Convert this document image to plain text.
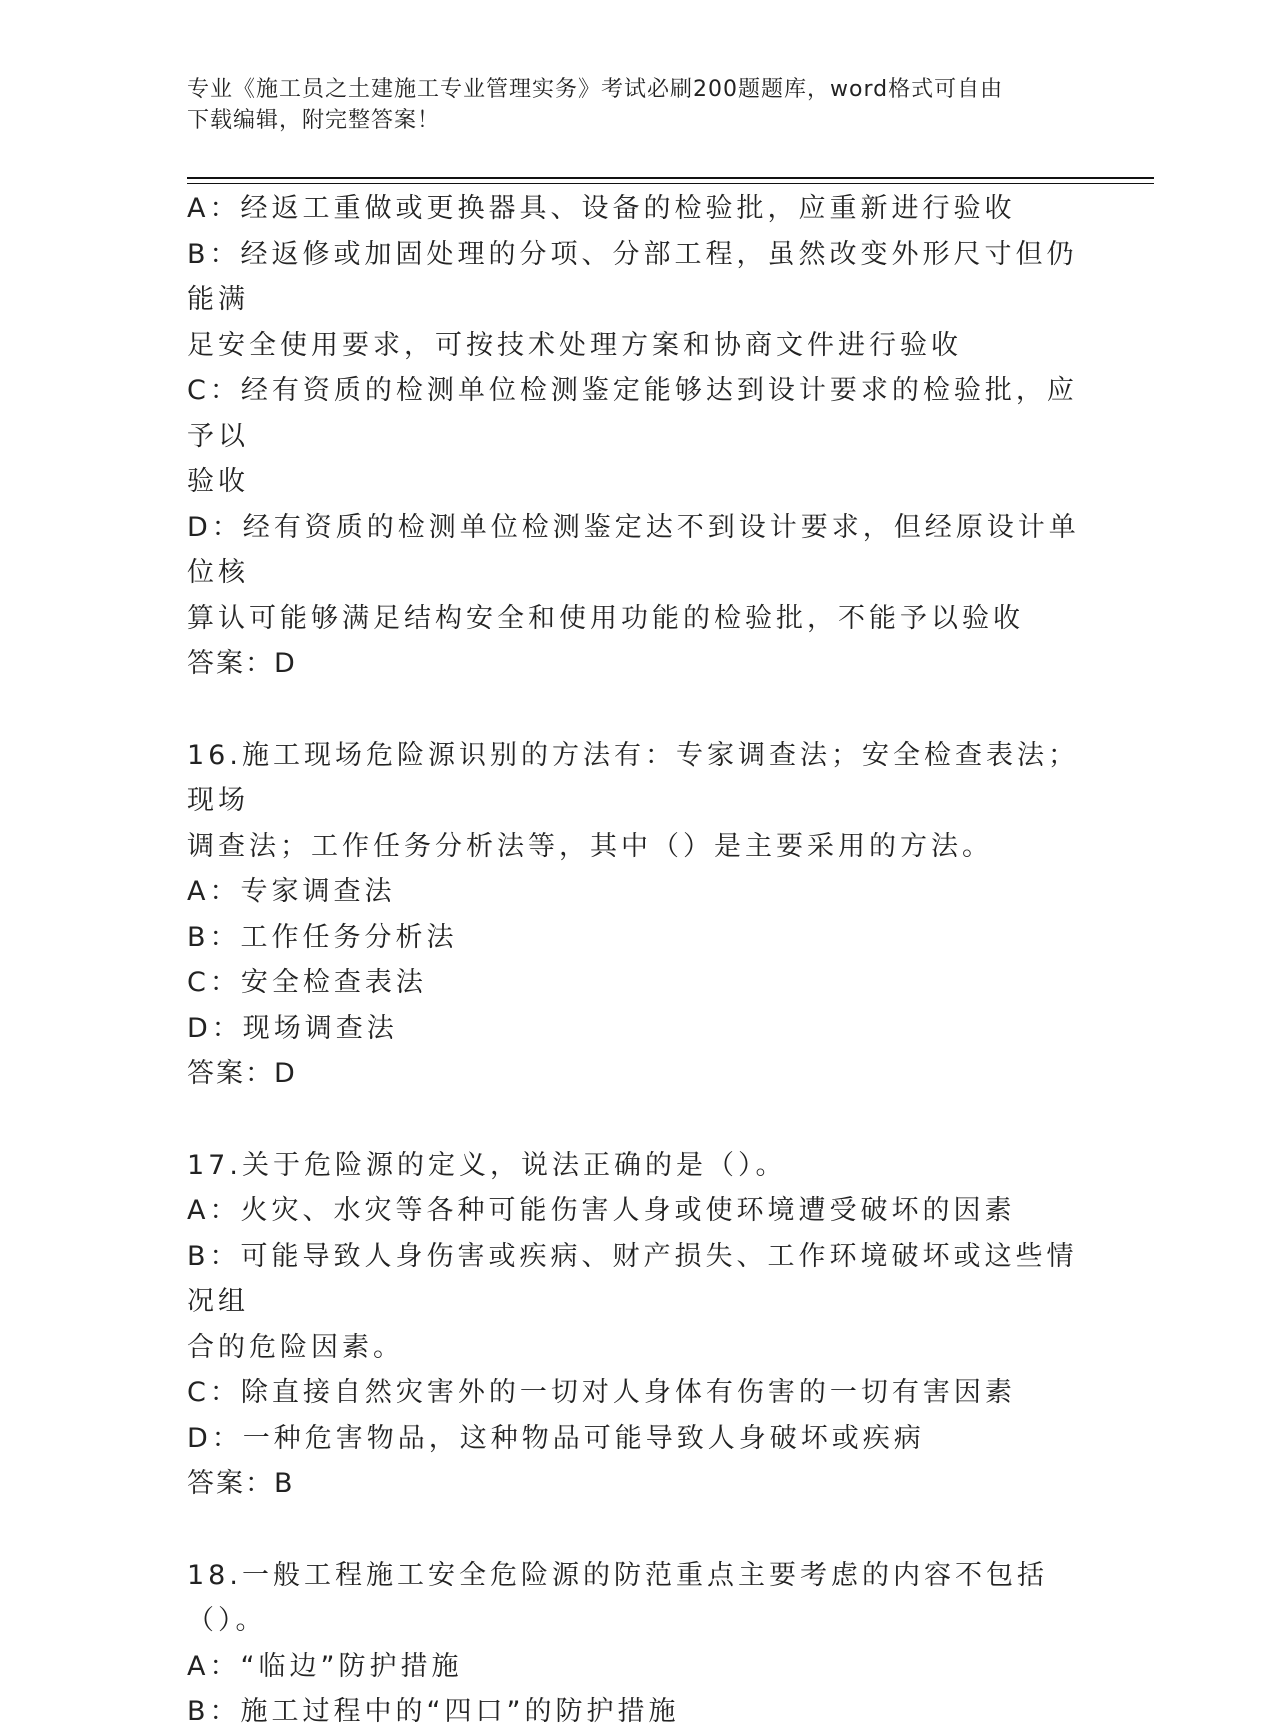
专业《施工员之土建施工专业管理实务》考试必刷200题题库，word格式可自由
下载编辑，附完整答案！
A：经返工重做或更换器具、设备的检验批，应重新进行验收
B：经返修或加固处理的分项、分部工程，虽然改变外形尺寸但仍能满
足安全使用要求，可按技术处理方案和协商文件进行验收
C：经有资质的检测单位检测鉴定能够达到设计要求的检验批，应予以
验收
D：经有资质的检测单位检测鉴定达不到设计要求，但经原设计单位核
算认可能够满足结构安全和使用功能的检验批，不能予以验收
答案：D
16.施工现场危险源识别的方法有：专家调查法；安全检查表法；现场
调查法；工作任务分析法等，其中（）是主要采用的方法。
A：专家调查法
B：工作任务分析法
C：安全检查表法
D：现场调查法
答案：D
17.关于危险源的定义，说法正确的是（）。
A：火灾、水灾等各种可能伤害人身或使环境遭受破坏的因素
B：可能导致人身伤害或疾病、财产损失、工作环境破坏或这些情况组
合的危险因素。
C：除直接自然灾害外的一切对人身体有伤害的一切有害因素
D：一种危害物品，这种物品可能导致人身破坏或疾病
答案：B
18.一般工程施工安全危险源的防范重点主要考虑的内容不包括（）。
A：“临边”防护措施
B：施工过程中的“四口”的防护措施
